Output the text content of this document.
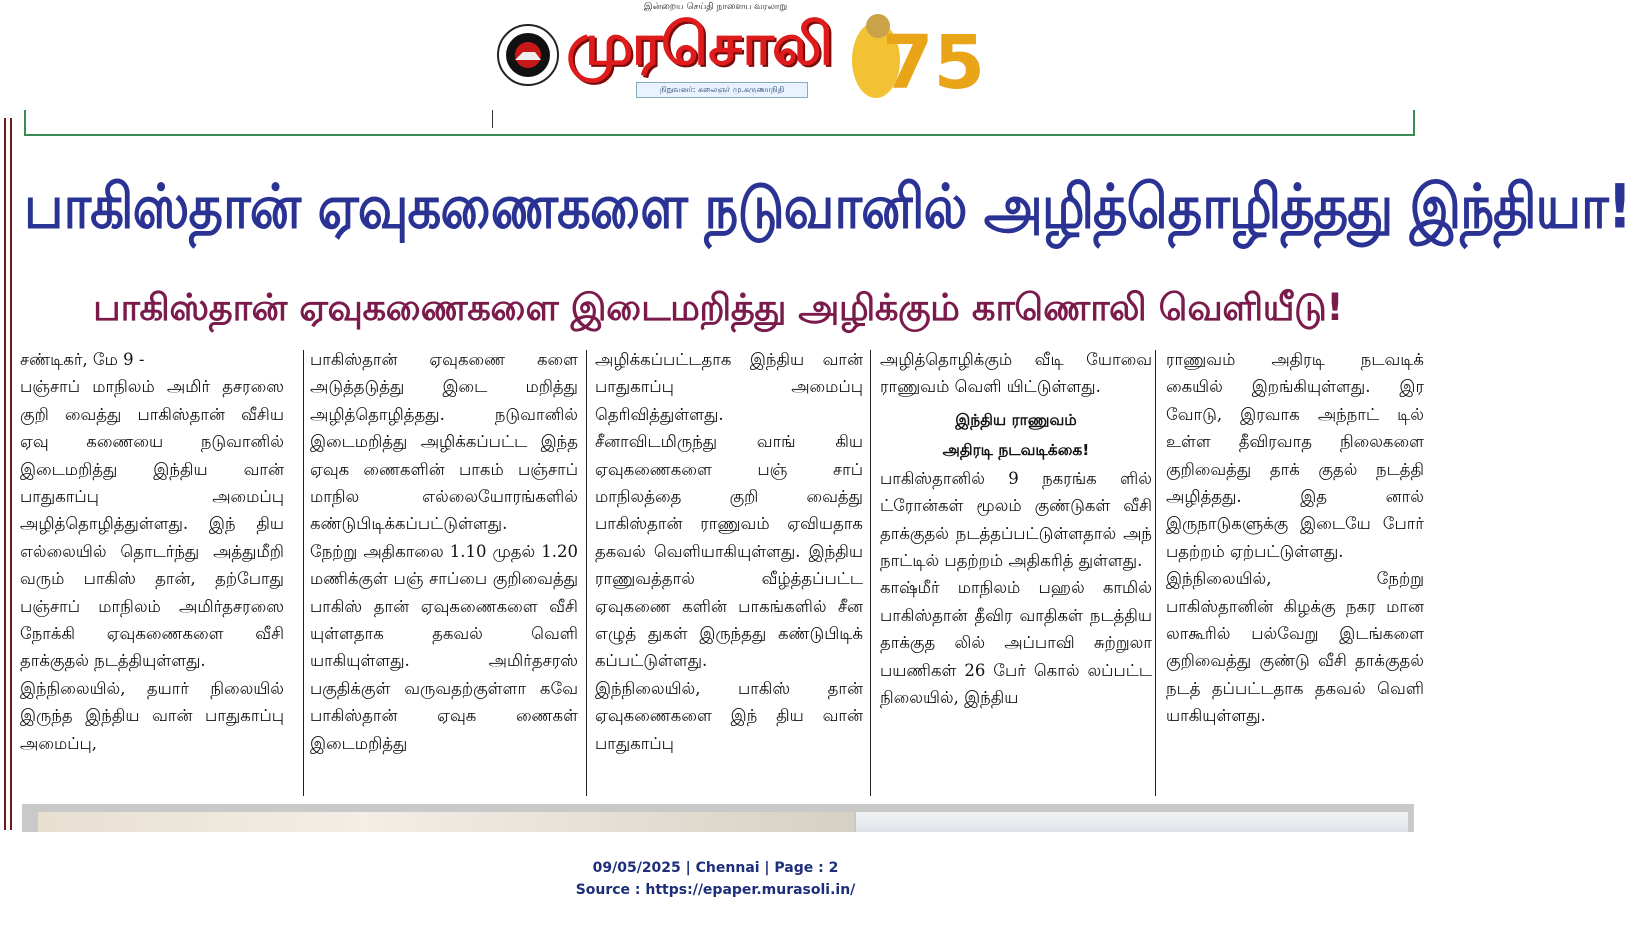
இன்றைய செய்தி நாளைய வரலாறு
முரசொலி
நிறுவனர்: கலைஞர் மு.கருணாநிதி	75
பாகிஸ்தான் ஏவுகணைகளை நடுவானில் அழித்தொழித்தது இந்தியா!
பாகிஸ்தான் ஏவுகணைகளை இடைமறித்து அழிக்கும் காணொலி வெளியீடு!

சண்டிகர், மே 9 -
பஞ்சாப் மாநிலம் அமிர் தசரஸை குறி வைத்து பாகிஸ்தான் வீசிய ஏவு கணையை நடுவானில் இடைமறித்து இந்திய வான் பாதுகாப்பு அமைப்பு அழித்தொழித்துள்ளது. இந் திய எல்லையில் தொடர்ந்து அத்துமீறி வரும் பாகிஸ் தான், தற்போது பஞ்சாப் மாநிலம் அமிர்தசரஸை நோக்கி ஏவுகணைகளை வீசி தாக்குதல் நடத்தியுள்ளது.
இந்நிலையில், தயார் நிலையில் இருந்த இந்திய வான் பாதுகாப்பு அமைப்பு,

பாகிஸ்தான் ஏவுகணை களை அடுத்தடுத்து இடை மறித்து அழித்தொழித்தது. நடுவானில் இடைமறித்து அழிக்கப்பட்ட இந்த ஏவுக ணைகளின் பாகம் பஞ்சாப் மாநில எல்லையோரங்களில் கண்டுபிடிக்கப்பட்டுள்ளது.
நேற்று அதிகாலை 1.10 முதல் 1.20 மணிக்குள் பஞ் சாப்பை குறிவைத்து பாகிஸ் தான் ஏவுகணைகளை வீசி யுள்ளதாக தகவல் வெளி யாகியுள்ளது. அமிர்தசரஸ் பகுதிக்குள் வருவதற்குள்ளா கவே பாகிஸ்தான் ஏவுக ணைகள் இடைமறித்து

அழிக்கப்பட்டதாக இந்திய வான் பாதுகாப்பு அமைப்பு தெரிவித்துள்ளது.
சீனாவிடமிருந்து வாங் கிய ஏவுகணைகளை பஞ் சாப் மாநிலத்தை குறி வைத்து பாகிஸ்தான் ராணுவம் ஏவியதாக தகவல் வெளியாகியுள்ளது. இந்திய ராணுவத்தால் வீழ்த்தப்பட்ட ஏவுகணை களின் பாகங்களில் சீன எழுத் துகள் இருந்தது கண்டுபிடிக் கப்பட்டுள்ளது.
இந்நிலையில், பாகிஸ் தான் ஏவுகணைகளை இந் திய வான் பாதுகாப்பு

அழித்தொழிக்கும் வீடி யோவை ராணுவம் வெளி யிட்டுள்ளது.

இந்திய ராணுவம்
அதிரடி நடவடிக்கை!

பாகிஸ்தானில் 9 நகரங்க ளில் ட்ரோன்கள் மூலம் குண்டுகள் வீசி தாக்குதல் நடத்தப்பட்டுள்ளதால் அந் நாட்டில் பதற்றம் அதிகரித் துள்ளது.
காஷ்மீர் மாநிலம் பஹல் காமில் பாகிஸ்தான் தீவிர வாதிகள் நடத்திய தாக்குத லில் அப்பாவி சுற்றுலா பயணிகள் 26 பேர் கொல் லப்பட்ட நிலையில், இந்திய

ராணுவம் அதிரடி நடவடிக் கையில் இறங்கியுள்ளது. இர வோடு, இரவாக அந்நாட் டில் உள்ள தீவிரவாத நிலைகளை குறிவைத்து தாக் குதல் நடத்தி அழித்தது. இத னால் இருநாடுகளுக்கு இடையே போர் பதற்றம் ஏற்பட்டுள்ளது.
இந்நிலையில், நேற்று பாகிஸ்தானின் கிழக்கு நகர மான லாகூரில் பல்வேறு இடங்களை குறிவைத்து குண்டு வீசி தாக்குதல் நடத் தப்பட்டதாக தகவல் வெளி யாகியுள்ளது.

09/05/2025 | Chennai | Page : 2
Source : https://epaper.murasoli.in/
